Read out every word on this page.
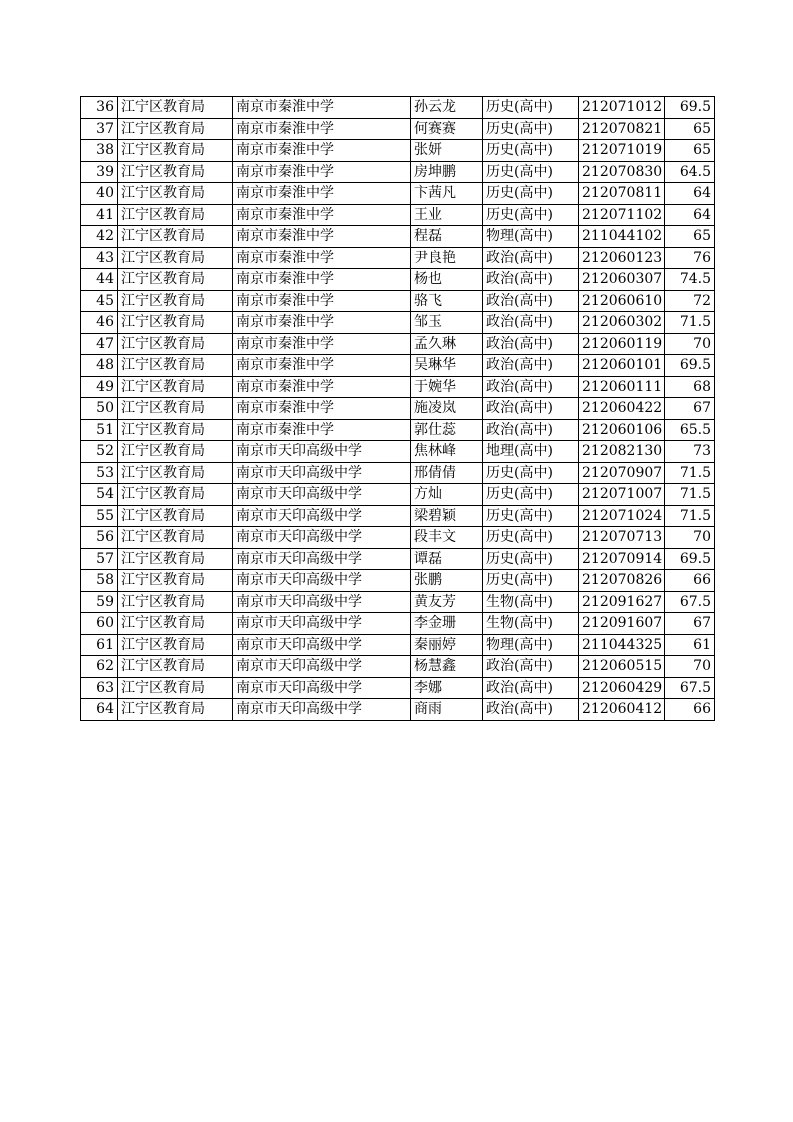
36	江宁区教育局	南京市秦淮中学	孙云龙	历史(高中)	212071012	69.5
37	江宁区教育局	南京市秦淮中学	何赛赛	历史(高中)	212070821	65
38	江宁区教育局	南京市秦淮中学	张妍	历史(高中)	212071019	65
39	江宁区教育局	南京市秦淮中学	房坤鹏	历史(高中)	212070830	64.5
40	江宁区教育局	南京市秦淮中学	卞茜凡	历史(高中)	212070811	64
41	江宁区教育局	南京市秦淮中学	王业	历史(高中)	212071102	64
42	江宁区教育局	南京市秦淮中学	程磊	物理(高中)	211044102	65
43	江宁区教育局	南京市秦淮中学	尹良艳	政治(高中)	212060123	76
44	江宁区教育局	南京市秦淮中学	杨也	政治(高中)	212060307	74.5
45	江宁区教育局	南京市秦淮中学	骆飞	政治(高中)	212060610	72
46	江宁区教育局	南京市秦淮中学	邹玉	政治(高中)	212060302	71.5
47	江宁区教育局	南京市秦淮中学	孟久琳	政治(高中)	212060119	70
48	江宁区教育局	南京市秦淮中学	吴琳华	政治(高中)	212060101	69.5
49	江宁区教育局	南京市秦淮中学	于婉华	政治(高中)	212060111	68
50	江宁区教育局	南京市秦淮中学	施凌岚	政治(高中)	212060422	67
51	江宁区教育局	南京市秦淮中学	郭仕蕊	政治(高中)	212060106	65.5
52	江宁区教育局	南京市天印高级中学	焦林峰	地理(高中)	212082130	73
53	江宁区教育局	南京市天印高级中学	邢倩倩	历史(高中)	212070907	71.5
54	江宁区教育局	南京市天印高级中学	方灿	历史(高中)	212071007	71.5
55	江宁区教育局	南京市天印高级中学	梁碧颖	历史(高中)	212071024	71.5
56	江宁区教育局	南京市天印高级中学	段丰文	历史(高中)	212070713	70
57	江宁区教育局	南京市天印高级中学	谭磊	历史(高中)	212070914	69.5
58	江宁区教育局	南京市天印高级中学	张鹏	历史(高中)	212070826	66
59	江宁区教育局	南京市天印高级中学	黄友芳	生物(高中)	212091627	67.5
60	江宁区教育局	南京市天印高级中学	李金珊	生物(高中)	212091607	67
61	江宁区教育局	南京市天印高级中学	秦丽婷	物理(高中)	211044325	61
62	江宁区教育局	南京市天印高级中学	杨慧鑫	政治(高中)	212060515	70
63	江宁区教育局	南京市天印高级中学	李娜	政治(高中)	212060429	67.5
64	江宁区教育局	南京市天印高级中学	商雨	政治(高中)	212060412	66
